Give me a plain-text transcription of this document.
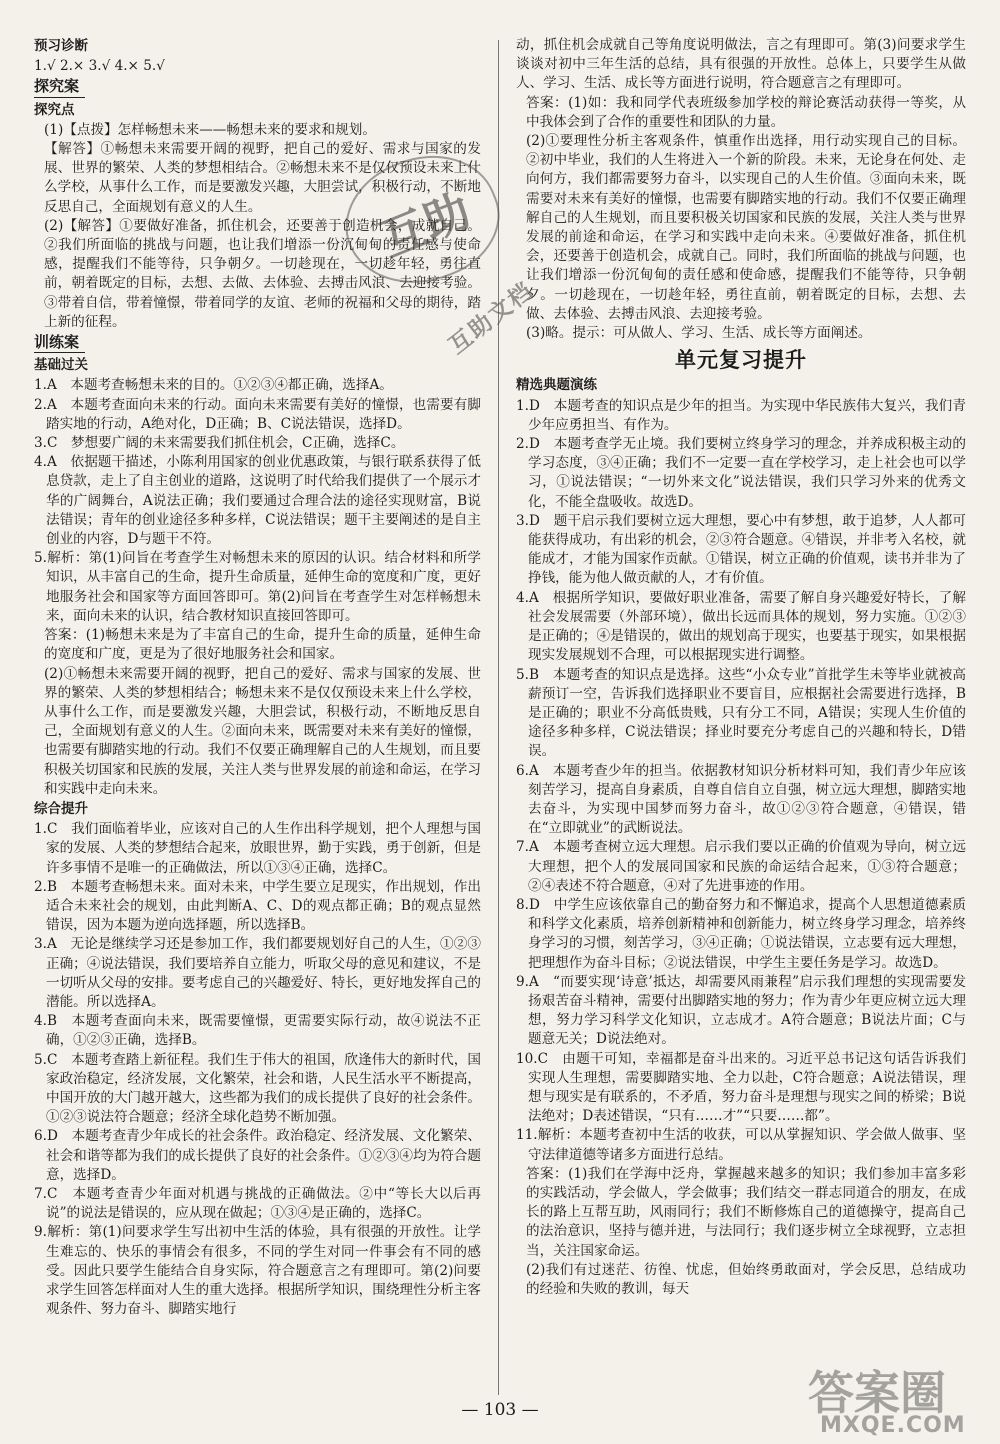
预习诊断
1.√ 2.× 3.√ 4.× 5.√
探究案
探究点
(1)【点拨】怎样畅想未来——畅想未来的要求和规划。
【解答】①畅想未来需要开阔的视野，把自己的爱好、需求与国家的发展、世界的繁荣、人类的梦想相结合。②畅想未来不是仅仅预设未来上什么学校，从事什么工作，而是要激发兴趣，大胆尝试，积极行动，不断地反思自己，全面规划有意义的人生。
(2)【解答】①要做好准备，抓住机会，还要善于创造机会，成就自己。②我们所面临的挑战与问题，也让我们增添一份沉甸甸的责任感与使命感，提醒我们不能等待，只争朝夕。一切趁现在，一切趁年轻，勇往直前，朝着既定的目标，去想、去做、去体验、去搏击风浪、去迎接考验。③带着自信，带着憧憬，带着同学的友谊、老师的祝福和父母的期待，踏上新的征程。
训练案
基础过关
1.A　本题考查畅想未来的目的。①②③④都正确，选择A。
2.A　本题考查面向未来的行动。面向未来需要有美好的憧憬，也需要有脚踏实地的行动，A绝对化，D正确；B、C说法错误，选择D。
3.C　梦想要广阔的未来需要我们抓住机会，C正确，选择C。
4.A　依据题干描述，小陈利用国家的创业优惠政策，与银行联系获得了低息贷款，走上了自主创业的道路，这说明了时代给我们提供了一个展示才华的广阔舞台，A说法正确；我们要通过合理合法的途径实现财富，B说法错误；青年的创业途径多种多样，C说法错误；题干主要阐述的是自主创业的内容，D与题干不符。
5.解析：第(1)问旨在考查学生对畅想未来的原因的认识。结合材料和所学知识，从丰富自己的生命，提升生命质量，延伸生命的宽度和广度，更好地服务社会和国家等方面回答即可。第(2)问旨在考查学生对怎样畅想未来，面向未来的认识，结合教材知识直接回答即可。
答案：(1)畅想未来是为了丰富自己的生命，提升生命的质量，延伸生命的宽度和广度，更是为了很好地服务社会和国家。
(2)①畅想未来需要开阔的视野，把自己的爱好、需求与国家的发展、世界的繁荣、人类的梦想相结合；畅想未来不是仅仅预设未来上什么学校，从事什么工作，而是要激发兴趣，大胆尝试，积极行动，不断地反思自己，全面规划有意义的人生。②面向未来，既需要对未来有美好的憧憬，也需要有脚踏实地的行动。我们不仅要正确理解自己的人生规划，而且要积极关切国家和民族的发展，关注人类与世界发展的前途和命运，在学习和实践中走向未来。
综合提升
1.C　我们面临着毕业，应该对自己的人生作出科学规划，把个人理想与国家的发展、人类的梦想结合起来，放眼世界，勤于实践，勇于创新，但是许多事情不是唯一的正确做法，所以①③④正确，选择C。
2.B　本题考查畅想未来。面对未来，中学生要立足现实，作出规划，作出适合未来社会的规划，由此判断A、C、D的观点都正确；B的观点显然错误，因为本题为逆向选择题，所以选择B。
3.A　无论是继续学习还是参加工作，我们都要规划好自己的人生，①②③正确；④说法错误，我们要培养自立能力，听取父母的意见和建议，不是一切听从父母的安排。要考虑自己的兴趣爱好、特长，更好地发挥自己的潜能。所以选择A。
4.B　本题考查面向未来，既需要憧憬，更需要实际行动，故④说法不正确，①②③正确，选择B。
5.C　本题考查踏上新征程。我们生于伟大的祖国，欣逢伟大的新时代，国家政治稳定，经济发展，文化繁荣，社会和谐，人民生活水平不断提高，中国开放的大门越开越大，这些都为我们的成长提供了良好的社会条件。①②③说法符合题意；经济全球化趋势不断加强。
6.D　本题考查青少年成长的社会条件。政治稳定、经济发展、文化繁荣、社会和谐等都为我们的成长提供了良好的社会条件。①②③④均为符合题意，选择D。
7.C　本题考查青少年面对机遇与挑战的正确做法。②中“等长大以后再说”的说法是错误的，应从现在做起；①③④是正确的，选择C。
9.解析：第(1)问要求学生写出初中生活的体验，具有很强的开放性。让学生难忘的、快乐的事情会有很多，不同的学生对同一件事会有不同的感受。因此只要学生能结合自身实际，符合题意言之有理即可。第(2)问要求学生回答怎样面对人生的重大选择。根据所学知识，围绕理性分析主客观条件、努力奋斗、脚踏实地行
动，抓住机会成就自己等角度说明做法，言之有理即可。第(3)问要求学生谈谈对初中三年生活的总结，具有很强的开放性。总体上，只要学生从做人、学习、生活、成长等方面进行说明，符合题意言之有理即可。
答案：(1)如：我和同学代表班级参加学校的辩论赛活动获得一等奖，从中我体会到了合作的重要性和团队的力量。
(2)①要理性分析主客观条件，慎重作出选择，用行动实现自己的目标。②初中毕业，我们的人生将进入一个新的阶段。未来，无论身在何处、走向何方，我们都需要努力奋斗，以实现自己的人生价值。③面向未来，既需要对未来有美好的憧憬，也需要有脚踏实地的行动。我们不仅要正确理解自己的人生规划，而且要积极关切国家和民族的发展，关注人类与世界发展的前途和命运，在学习和实践中走向未来。④要做好准备，抓住机会，还要善于创造机会，成就自己。同时，我们所面临的挑战与问题，也让我们增添一份沉甸甸的责任感和使命感，提醒我们不能等待，只争朝夕。一切趁现在，一切趁年轻，勇往直前，朝着既定的目标，去想、去做、去体验、去搏击风浪、去迎接考验。
(3)略。提示：可从做人、学习、生活、成长等方面阐述。
单元复习提升
精选典题演练
1.D　本题考查的知识点是少年的担当。为实现中华民族伟大复兴，我们青少年应勇担当、有作为。
2.D　本题考查学无止境。我们要树立终身学习的理念，并养成积极主动的学习态度，③④正确；我们不一定要一直在学校学习，走上社会也可以学习，①说法错误；“一切外来文化”说法错误，我们只学习外来的优秀文化，不能全盘吸收。故选D。
3.D　题干启示我们要树立远大理想，要心中有梦想，敢于追梦，人人都可能获得成功，有出彩的机会，②③符合题意。④错误，并非考入名校，就能成才，才能为国家作贡献。①错误，树立正确的价值观，读书并非为了挣钱，能为他人做贡献的人，才有价值。
4.A　根据所学知识，要做好职业准备，需要了解自身兴趣爱好特长，了解社会发展需要（外部环境），做出长远而具体的规划，努力实施。①②③是正确的；④是错误的，做出的规划高于现实，也要基于现实，如果根据现实发展规划不合理，可以根据现实进行调整。
5.B　本题考查的知识点是选择。这些“小众专业”首批学生未等毕业就被高薪预订一空，告诉我们选择职业不要盲目，应根据社会需要进行选择，B是正确的；职业不分高低贵贱，只有分工不同，A错误；实现人生价值的途径多种多样，C说法错误；择业时要充分考虑自己的兴趣和特长，D错误。
6.A　本题考查少年的担当。依据教材知识分析材料可知，我们青少年应该刻苦学习，提高自身素质，自尊自信自立自强，树立远大理想，脚踏实地去奋斗，为实现中国梦而努力奋斗，故①②③符合题意，④错误，错在“立即就业”的武断说法。
7.A　本题考查树立远大理想。启示我们要以正确的价值观为导向，树立远大理想，把个人的发展同国家和民族的命运结合起来，①③符合题意；②④表述不符合题意，④对了先进事迹的作用。
8.D　中学生应该依靠自己的勤奋努力和不懈追求，提高个人思想道德素质和科学文化素质，培养创新精神和创新能力，树立终身学习理念，培养终身学习的习惯，刻苦学习，③④正确；①说法错误，立志要有远大理想，把理想作为奋斗目标；②说法错误，中学生主要任务是学习。故选D。
9.A　“而要实现‘诗意’抵达，却需要风雨兼程”启示我们理想的实现需要发扬艰苦奋斗精神，需要付出脚踏实地的努力；作为青少年更应树立远大理想，努力学习科学文化知识，立志成才。A符合题意；B说法片面；C与题意无关；D说法绝对。
10.C　由题干可知，幸福都是奋斗出来的。习近平总书记这句话告诉我们实现人生理想，需要脚踏实地、全力以赴，C符合题意；A说法错误，理想与现实是有联系的，不矛盾，努力奋斗是理想与现实之间的桥梁；B说法绝对；D表述错误，“只有……才”“只要……都”。
11.解析：本题考查初中生活的收获，可以从掌握知识、学会做人做事、坚守法律道德等诸多方面进行总结。
答案：(1)我们在学海中泛舟，掌握越来越多的知识；我们参加丰富多彩的实践活动，学会做人，学会做事；我们结交一群志同道合的朋友，在成长的路上互帮互助，风雨同行；我们不断修炼自己的道德操守，提高自己的法治意识，坚持与德并进，与法同行；我们逐步树立全球视野，立志担当，关注国家命运。
(2)我们有过迷茫、彷徨、忧虑，但始终勇敢面对，学会反思，总结成功的经验和失败的教训，每天
互助
互助文档
— 103 —	答案圈
MXQE.COM
